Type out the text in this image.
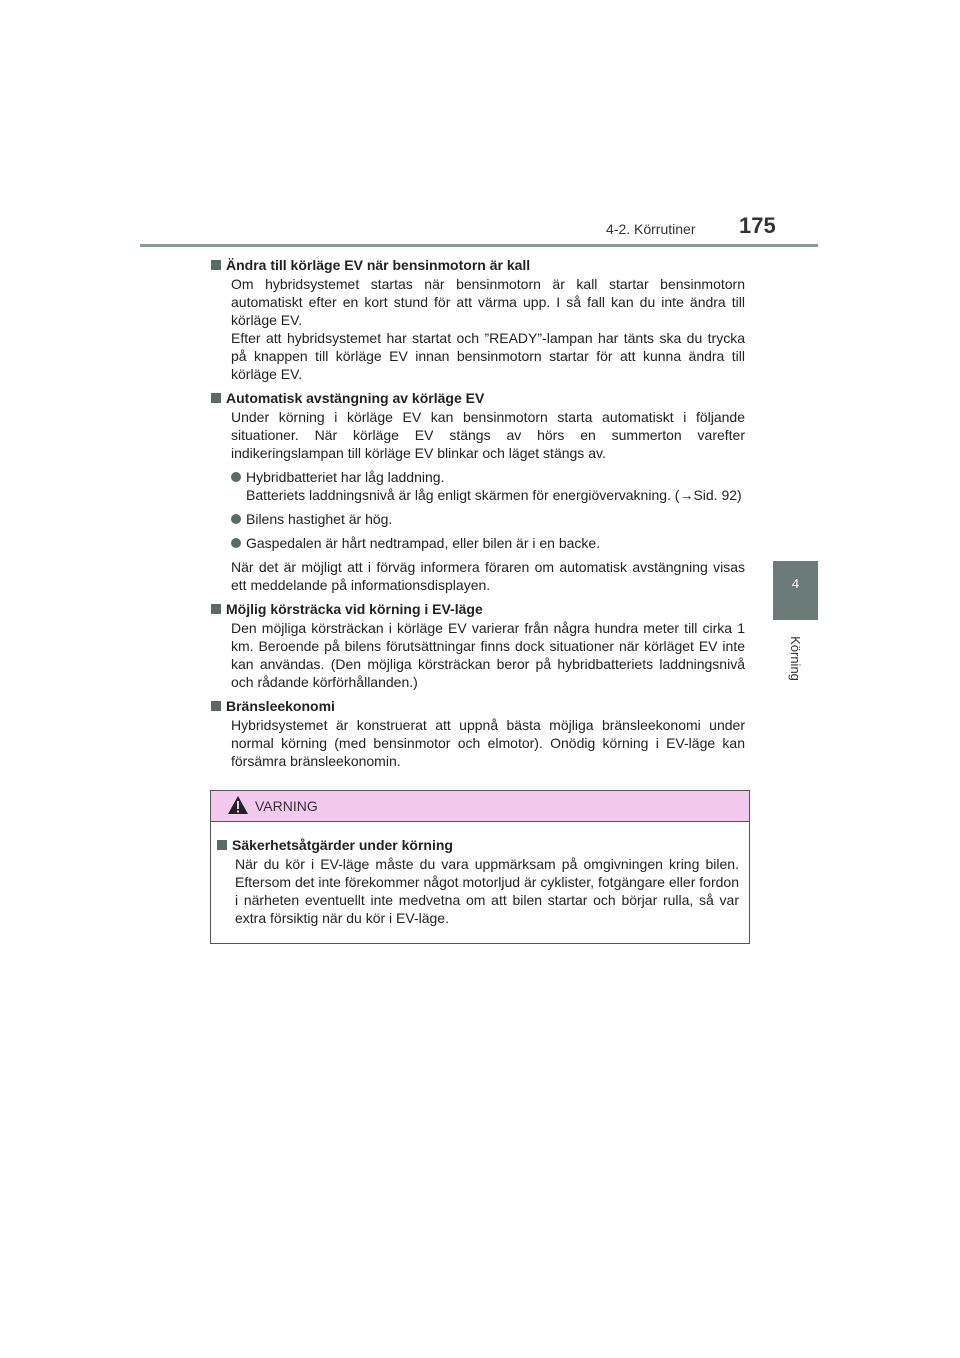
4-2. Körrutiner 175
4
Körning
Ändra till körläge EV när bensinmotorn är kall

Om hybridsystemet startas när bensinmotorn är kall startar bensinmotorn automatiskt efter en kort stund för att värma upp. I så fall kan du inte ändra till körläge EV.
Efter att hybridsystemet har startat och ”READY”-lampan har tänts ska du trycka på knappen till körläge EV innan bensinmotorn startar för att kunna ändra till körläge EV.

Automatisk avstängning av körläge EV

Under körning i körläge EV kan bensinmotorn starta automatiskt i följande situationer. När körläge EV stängs av hörs en summerton varefter indikeringslampan till körläge EV blinkar och läget stängs av.

Hybridbatteriet har låg laddning.
Batteriets laddningsnivå är låg enligt skärmen för energiövervakning. (→Sid. 92)
Bilens hastighet är hög.
Gaspedalen är hårt nedtrampad, eller bilen är i en backe.

När det är möjligt att i förväg informera föraren om automatisk avstängning visas ett meddelande på informationsdisplayen.

Möjlig körsträcka vid körning i EV-läge

Den möjliga körsträckan i körläge EV varierar från några hundra meter till cirka 1 km. Beroende på bilens förutsättningar finns dock situationer när körläget EV inte kan användas. (Den möjliga körsträckan beror på hybridbatteriets laddningsnivå och rådande körförhållanden.)

Bränsleekonomi

Hybridsystemet är konstruerat att uppnå bästa möjliga bränsleekonomi under normal körning (med bensinmotor och elmotor). Onödig körning i EV-läge kan försämra bränsleekonomin.

VARNING
Säkerhetsåtgärder under körning

När du kör i EV-läge måste du vara uppmärksam på omgivningen kring bilen. Eftersom det inte förekommer något motorljud är cyklister, fotgängare eller fordon i närheten eventuellt inte medvetna om att bilen startar och börjar rulla, så var extra försiktig när du kör i EV-läge.
